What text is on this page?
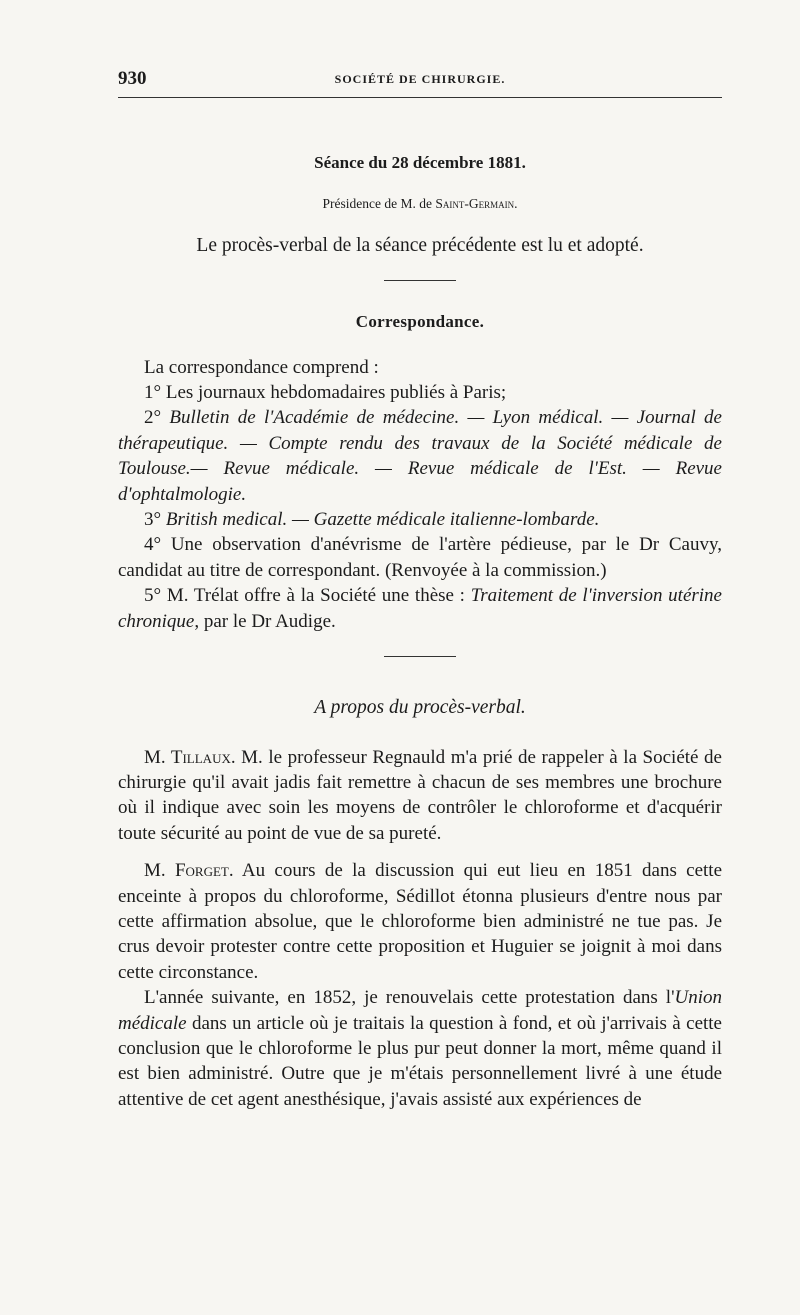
930	SOCIÉTÉ DE CHIRURGIE.

Séance du 28 décembre 1881.

Présidence de M. de Saint-Germain.

Le procès-verbal de la séance précédente est lu et adopté.

Correspondance.

La correspondance comprend :

1° Les journaux hebdomadaires publiés à Paris;

2° Bulletin de l'Académie de médecine. — Lyon médical. — Journal de thérapeutique. — Compte rendu des travaux de la Société médicale de Toulouse.— Revue médicale. — Revue médicale de l'Est. — Revue d'ophtalmologie.

3° British medical. — Gazette médicale italienne-lombarde.

4° Une observation d'anévrisme de l'artère pédieuse, par le Dr Cauvy, candidat au titre de correspondant. (Renvoyée à la commission.)

5° M. Trélat offre à la Société une thèse : Traitement de l'inversion utérine chronique, par le Dr Audige.

A propos du procès-verbal.

M. Tillaux. M. le professeur Regnauld m'a prié de rappeler à la Société de chirurgie qu'il avait jadis fait remettre à chacun de ses membres une brochure où il indique avec soin les moyens de contrôler le chloroforme et d'acquérir toute sécurité au point de vue de sa pureté.

M. Forget. Au cours de la discussion qui eut lieu en 1851 dans cette enceinte à propos du chloroforme, Sédillot étonna plusieurs d'entre nous par cette affirmation absolue, que le chloroforme bien administré ne tue pas. Je crus devoir protester contre cette proposition et Huguier se joignit à moi dans cette circonstance.

L'année suivante, en 1852, je renouvelais cette protestation dans l'Union médicale dans un article où je traitais la question à fond, et où j'arrivais à cette conclusion que le chloroforme le plus pur peut donner la mort, même quand il est bien administré. Outre que je m'étais personnellement livré à une étude attentive de cet agent anesthésique, j'avais assisté aux expériences de
